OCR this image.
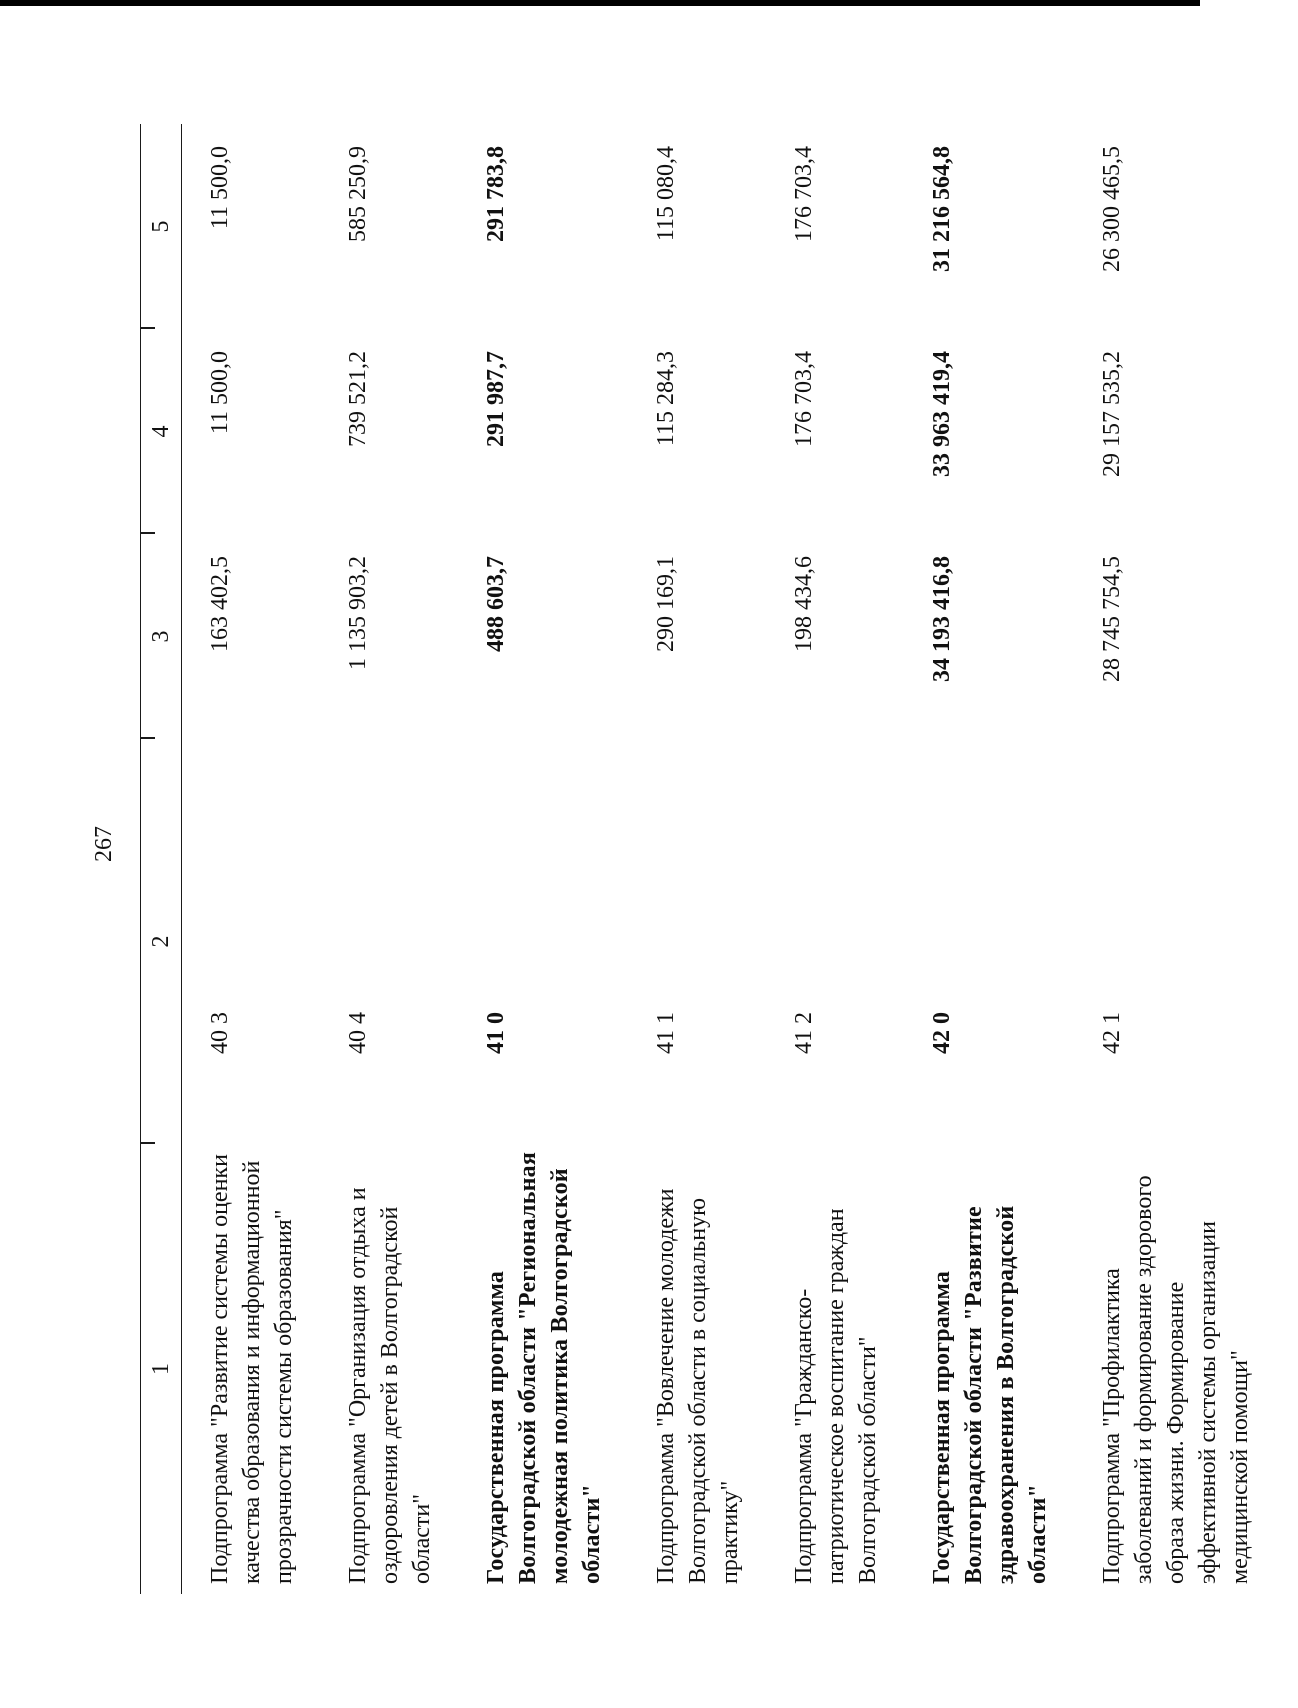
267
1	2	3	4	5
Подпрограмма "Развитие системы оценки качества образования и информационной прозрачности системы образования"	40 3	163 402,5	11 500,0	11 500,0
Подпрограмма "Организация отдыха и оздоровления детей в Волгоградской области"	40 4	1 135 903,2	739 521,2	585 250,9
Государственная программа Волгоградской области "Региональная молодежная политика Волгоградской области"	41 0	488 603,7	291 987,7	291 783,8
Подпрограмма "Вовлечение молодежи Волгоградской области в социальную практику"	41 1	290 169,1	115 284,3	115 080,4
Подпрограмма "Гражданско-патриотическое воспитание граждан Волгоградской области"	41 2	198 434,6	176 703,4	176 703,4
Государственная программа Волгоградской области "Развитие здравоохранения в Волгоградской области"	42 0	34 193 416,8	33 963 419,4	31 216 564,8
Подпрограмма "Профилактика заболеваний и формирование здорового образа жизни. Формирование эффективной системы организации медицинской помощи"	42 1	28 745 754,5	29 157 535,2	26 300 465,5
